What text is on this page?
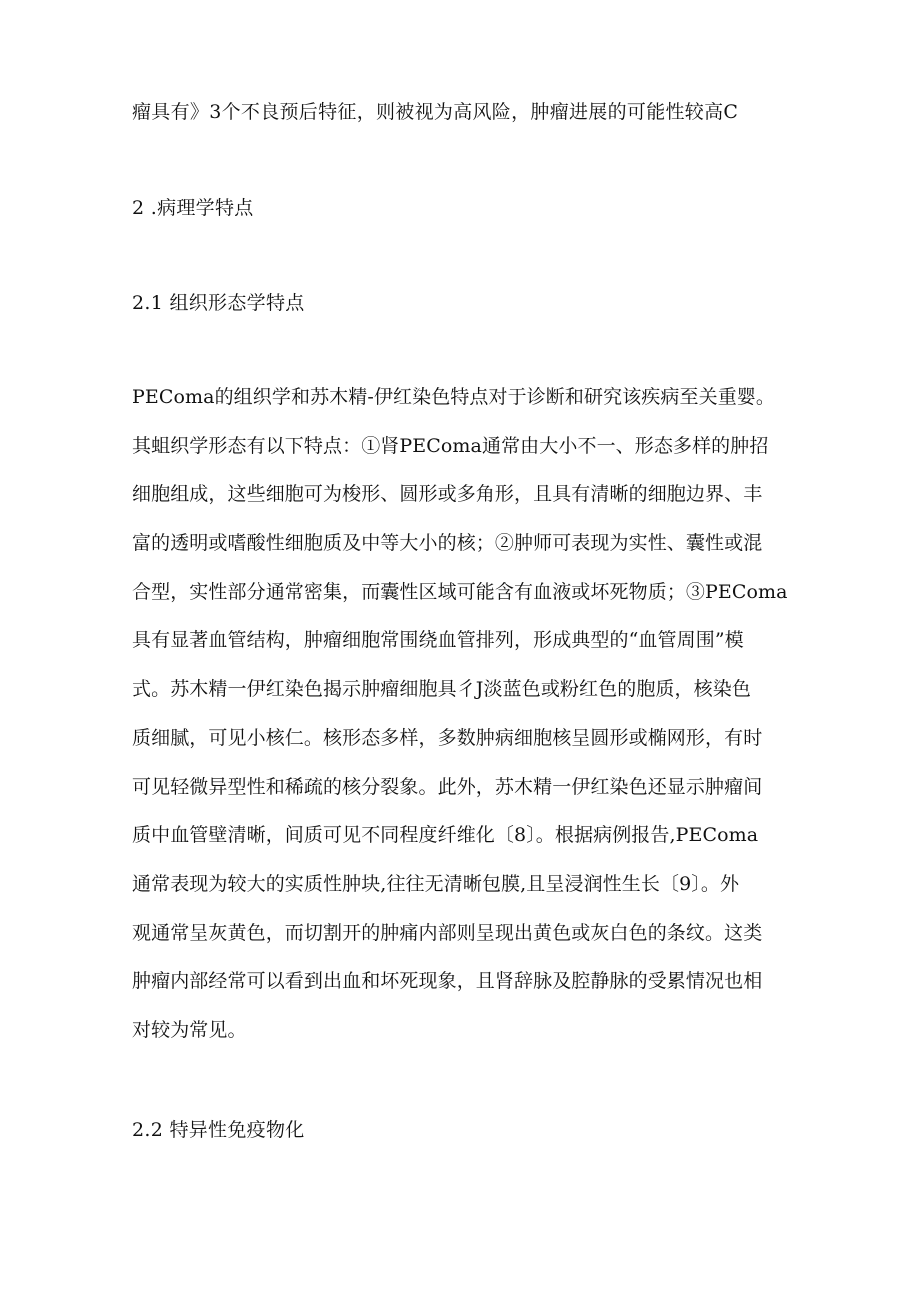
瘤具有》3个不良预后特征，则被视为高风险，肿瘤进展的可能性较高C
2 .病理学特点
2.1 组织形态学特点
PEComa的组织学和苏木精-伊红染色特点对于诊断和研究该疾病至关重婴。
其蛆织学形态有以下特点：①肾PEComa通常由大小不一、形态多样的肿招
细胞组成，这些细胞可为梭形、圆形或多角形，且具有清晰的细胞边界、丰
富的透明或嗜酸性细胞质及中等大小的核；②肿师可表现为实性、囊性或混
合型，实性部分通常密集，而囊性区域可能含有血液或坏死物质；③PEComa
具有显著血管结构，肿瘤细胞常围绕血管排列，形成典型的“血管周围”模
式。苏木精一伊红染色揭示肿瘤细胞具彳J淡蓝色或粉红色的胞质，核染色
质细腻，可见小核仁。核形态多样，多数肿病细胞核呈圆形或椭网形，有时
可见轻微异型性和稀疏的核分裂象。此外，苏木精一伊红染色还显示肿瘤间
质中血管壁清晰，间质可见不同程度纤维化〔8〕。根据病例报告,PEComa
通常表现为较大的实质性肿块,往往无清晰包膜,且呈浸润性生长〔9〕。外
观通常呈灰黄色，而切割开的肿痛内部则呈现出黄色或灰白色的条纹。这类
肿瘤内部经常可以看到出血和坏死现象，且肾辞脉及腔静脉的受累情况也相
对较为常见。
2.2 特异性免疫物化
